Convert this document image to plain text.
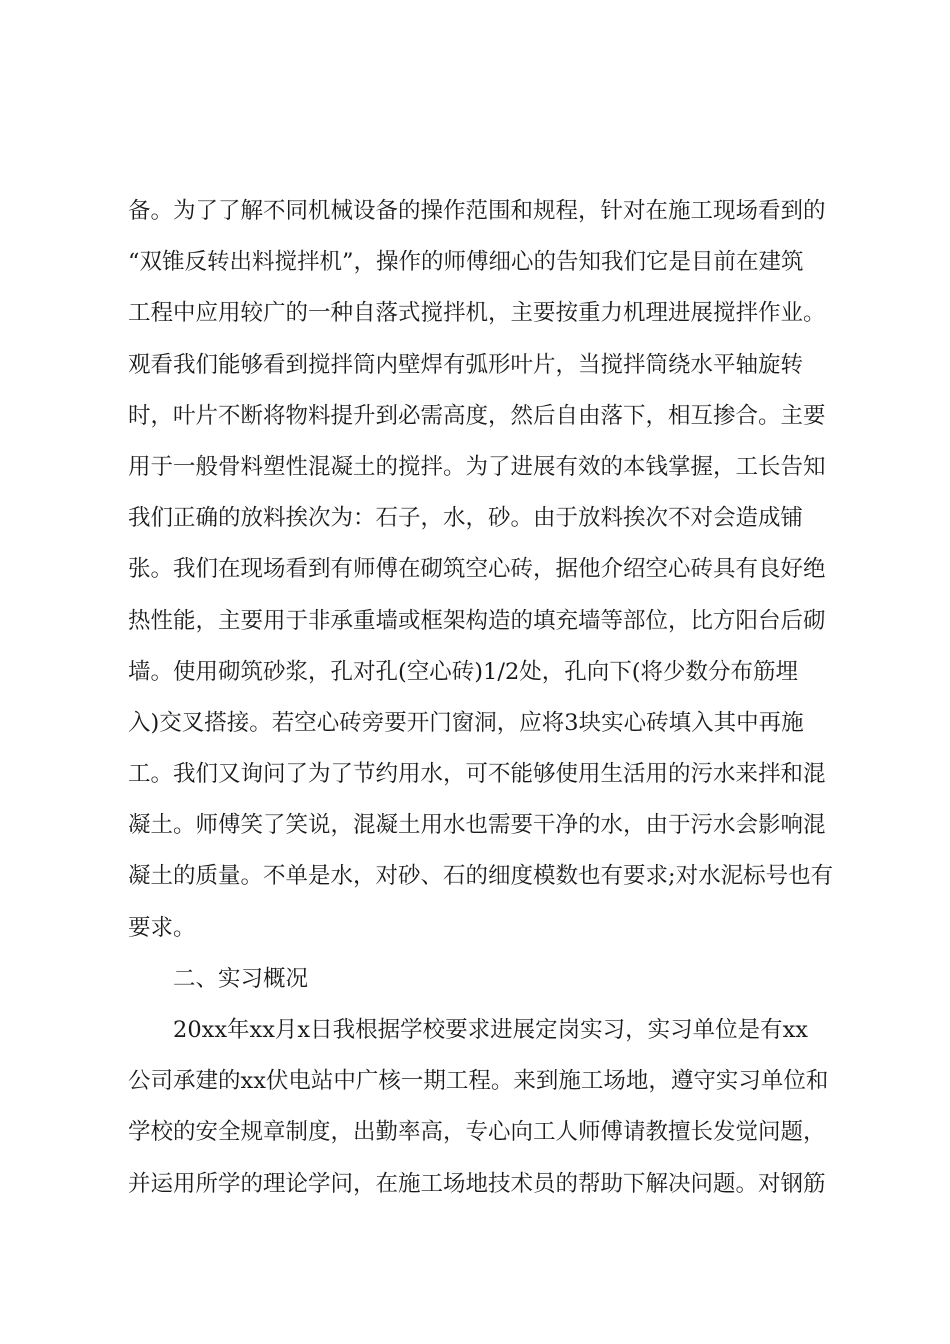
备。为了了解不同机械设备的操作范围和规程，针对在施工现场看到的
“双锥反转出料搅拌机”，操作的师傅细心的告知我们它是目前在建筑
工程中应用较广的一种自落式搅拌机，主要按重力机理进展搅拌作业。
观看我们能够看到搅拌筒内壁焊有弧形叶片，当搅拌筒绕水平轴旋转
时，叶片不断将物料提升到必需高度，然后自由落下，相互掺合。主要
用于一般骨料塑性混凝土的搅拌。为了进展有效的本钱掌握，工长告知
我们正确的放料挨次为：石子，水，砂。由于放料挨次不对会造成铺
张。我们在现场看到有师傅在砌筑空心砖，据他介绍空心砖具有良好绝
热性能，主要用于非承重墙或框架构造的填充墙等部位，比方阳台后砌
墙。使用砌筑砂浆，孔对孔(空心砖)1/2处，孔向下(将少数分布筋埋
入)交叉搭接。若空心砖旁要开门窗洞，应将3块实心砖填入其中再施
工。我们又询问了为了节约用水，可不能够使用生活用的污水来拌和混
凝土。师傅笑了笑说，混凝土用水也需要干净的水，由于污水会影响混
凝土的质量。不单是水，对砂、石的细度模数也有要求;对水泥标号也有
要求。
二、实习概况
20xx年xx月x日我根据学校要求进展定岗实习，实习单位是有xx
公司承建的xx伏电站中广核一期工程。来到施工场地，遵守实习单位和
学校的安全规章制度，出勤率高，专心向工人师傅请教擅长发觉问题，
并运用所学的理论学问，在施工场地技术员的帮助下解决问题。对钢筋
